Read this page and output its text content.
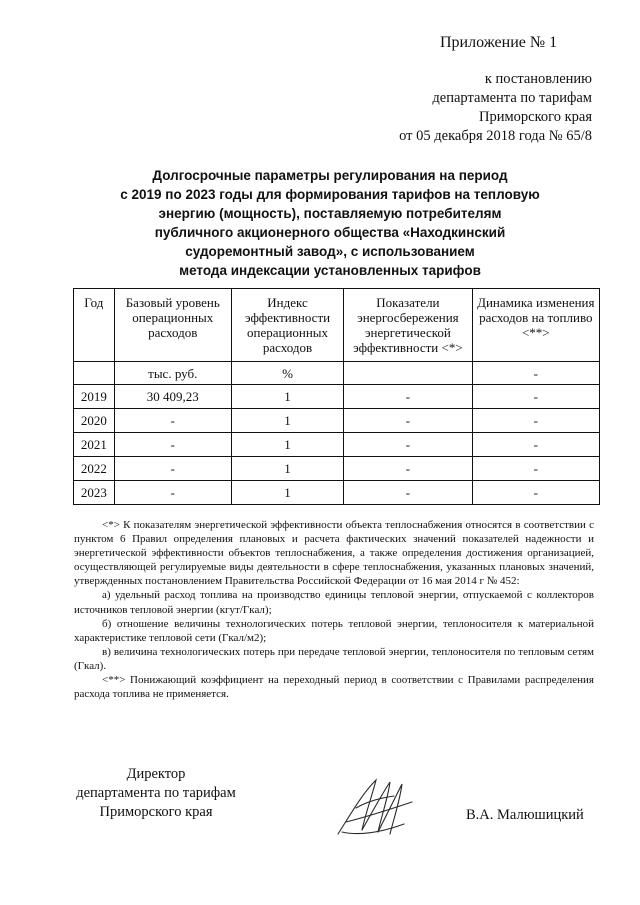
Приложение № 1
к постановлению
департамента по тарифам
Приморского края
от 05 декабря 2018 года № 65/8
Долгосрочные параметры регулирования на период
с 2019 по 2023 годы для формирования тарифов на тепловую
энергию (мощность), поставляемую потребителям
публичного акционерного общества «Находкинский
судоремонтный завод», с использованием
метода индексации установленных тарифов
Год	Базовый уровень операционных расходов	Индекс эффективности операционных расходов	Показатели энергосбережения энергетической эффективности <*>	Динамика изменения расходов на топливо <**>
	тыс. руб.	%		-
2019	30 409,23	1	-	-
2020	-	1	-	-
2021	-	1	-	-
2022	-	1	-	-
2023	-	1	-	-

<*> К показателям энергетической эффективности объекта теплоснабжения относятся в соответствии с пунктом 6 Правил определения плановых и расчета фактических значений показателей надежности и энергетической эффективности объектов теплоснабжения, а также определения достижения организацией, осуществляющей регулируемые виды деятельности в сфере теплоснабжения, указанных плановых значений, утвержденных постановлением Правительства Российской Федерации от 16 мая 2014 г № 452:

а) удельный расход топлива на производство единицы тепловой энергии, отпускаемой с коллекторов источников тепловой энергии (кгут/Гкал);

б) отношение величины технологических потерь тепловой энергии, теплоносителя к материальной характеристике тепловой сети (Гкал/м2);

в) величина технологических потерь при передаче тепловой энергии, теплоносителя по тепловым сетям (Гкал).

<**> Понижающий коэффициент на переходный период в соответствии с Правилами распределения расхода топлива не применяется.

Директор
департамента по тарифам
Приморского края	В.А. Малюшицкий
